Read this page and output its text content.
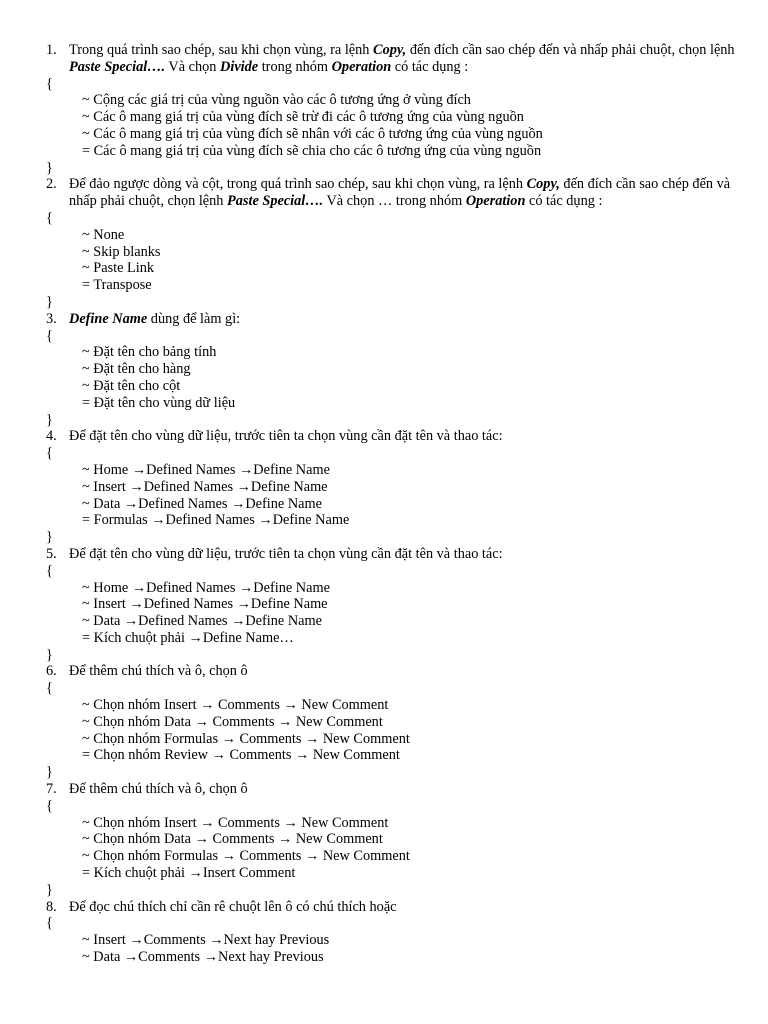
1. Trong quá trình sao chép, sau khi chọn vùng, ra lệnh Copy, đến đích cần sao chép đến và nhấp phải chuột, chọn lệnh Paste Special…. Và chọn Divide trong nhóm Operation có tác dụng :
{
~ Cộng các giá trị của vùng nguồn vào các ô tương ứng ở vùng đích
~ Các ô mang giá trị của vùng đích sẽ trừ đi các ô tương ứng của vùng nguồn
~ Các ô mang giá trị của vùng đích sẽ nhân với các ô tương ứng của vùng nguồn
= Các ô mang giá trị của vùng đích sẽ chia cho các ô tương ứng của vùng nguồn
}
2. Để đảo ngược dòng và cột, trong quá trình sao chép, sau khi chọn vùng, ra lệnh Copy, đến đích cần sao chép đến và nhấp phải chuột, chọn lệnh Paste Special…. Và chọn … trong nhóm Operation có tác dụng :
{
~ None
~ Skip blanks
~ Paste Link
= Transpose
}
3. Define Name dùng để làm gì:
{
~ Đặt tên cho bảng tính
~ Đặt tên cho hàng
~ Đặt tên cho cột
= Đặt tên cho vùng dữ liệu
}
4. Để đặt tên cho vùng dữ liệu, trước tiên ta chọn vùng cần đặt tên và thao tác:
{
~ Home →Defined Names →Define Name
~ Insert →Defined Names →Define Name
~ Data →Defined Names →Define Name
= Formulas →Defined Names →Define Name
}
5. Để đặt tên cho vùng dữ liệu, trước tiên ta chọn vùng cần đặt tên và thao tác:
{
~ Home →Defined Names →Define Name
~ Insert →Defined Names →Define Name
~ Data →Defined Names →Define Name
= Kích chuột phải →Define Name…
}
6. Để thêm chú thích và ô, chọn ô
{
~ Chọn nhóm Insert → Comments → New Comment
~ Chọn nhóm Data → Comments → New Comment
~ Chọn nhóm Formulas → Comments → New Comment
= Chọn nhóm Review → Comments → New Comment
}
7. Để thêm chú thích và ô, chọn ô
{
~ Chọn nhóm Insert → Comments → New Comment
~ Chọn nhóm Data → Comments → New Comment
~ Chọn nhóm Formulas → Comments → New Comment
= Kích chuột phải →Insert Comment
}
8. Để đọc chú thích chỉ cần rê chuột lên ô có chú thích hoặc
{
~ Insert →Comments →Next hay Previous
~ Data →Comments →Next hay Previous
